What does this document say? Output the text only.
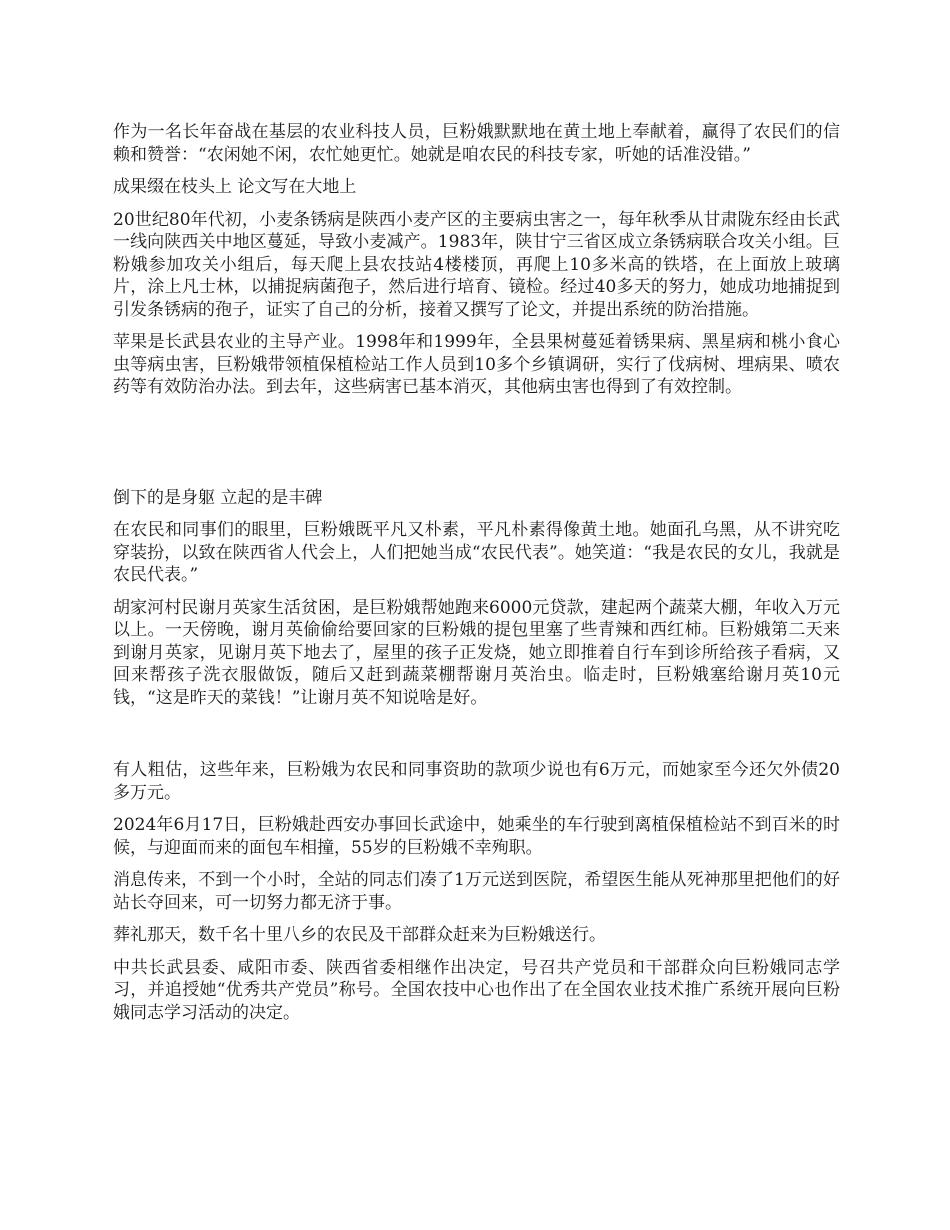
作为一名长年奋战在基层的农业科技人员，巨粉娥默默地在黄土地上奉献着，赢得了农民们的信赖和赞誉：“农闲她不闲，农忙她更忙。她就是咱农民的科技专家，听她的话准没错。”

成果缀在枝头上 论文写在大地上

20世纪80年代初，小麦条锈病是陕西小麦产区的主要病虫害之一，每年秋季从甘肃陇东经由长武一线向陕西关中地区蔓延，导致小麦减产。1983年，陕甘宁三省区成立条锈病联合攻关小组。巨粉娥参加攻关小组后，每天爬上县农技站4楼楼顶，再爬上10多米高的铁塔，在上面放上玻璃片，涂上凡士林，以捕捉病菌孢子，然后进行培育、镜检。经过40多天的努力，她成功地捕捉到引发条锈病的孢子，证实了自己的分析，接着又撰写了论文，并提出系统的防治措施。

苹果是长武县农业的主导产业。1998年和1999年，全县果树蔓延着锈果病、黑星病和桃小食心虫等病虫害，巨粉娥带领植保植检站工作人员到10多个乡镇调研，实行了伐病树、埋病果、喷农药等有效防治办法。到去年，这些病害已基本消灭，其他病虫害也得到了有效控制。

倒下的是身躯 立起的是丰碑

在农民和同事们的眼里，巨粉娥既平凡又朴素，平凡朴素得像黄土地。她面孔乌黑，从不讲究吃穿装扮，以致在陕西省人代会上，人们把她当成“农民代表”。她笑道：“我是农民的女儿，我就是农民代表。”

胡家河村民谢月英家生活贫困，是巨粉娥帮她跑来6000元贷款，建起两个蔬菜大棚，年收入万元以上。一天傍晚，谢月英偷偷给要回家的巨粉娥的提包里塞了些青辣和西红柿。巨粉娥第二天来到谢月英家，见谢月英下地去了，屋里的孩子正发烧，她立即推着自行车到诊所给孩子看病，又回来帮孩子洗衣服做饭，随后又赶到蔬菜棚帮谢月英治虫。临走时，巨粉娥塞给谢月英10元钱，“这是昨天的菜钱！”让谢月英不知说啥是好。

有人粗估，这些年来，巨粉娥为农民和同事资助的款项少说也有6万元，而她家至今还欠外债20多万元。

2024年6月17日，巨粉娥赴西安办事回长武途中，她乘坐的车行驶到离植保植检站不到百米的时候，与迎面而来的面包车相撞，55岁的巨粉娥不幸殉职。

消息传来，不到一个小时，全站的同志们凑了1万元送到医院，希望医生能从死神那里把他们的好站长夺回来，可一切努力都无济于事。

葬礼那天，数千名十里八乡的农民及干部群众赶来为巨粉娥送行。

中共长武县委、咸阳市委、陕西省委相继作出决定，号召共产党员和干部群众向巨粉娥同志学习，并追授她“优秀共产党员”称号。全国农技中心也作出了在全国农业技术推广系统开展向巨粉娥同志学习活动的决定。
